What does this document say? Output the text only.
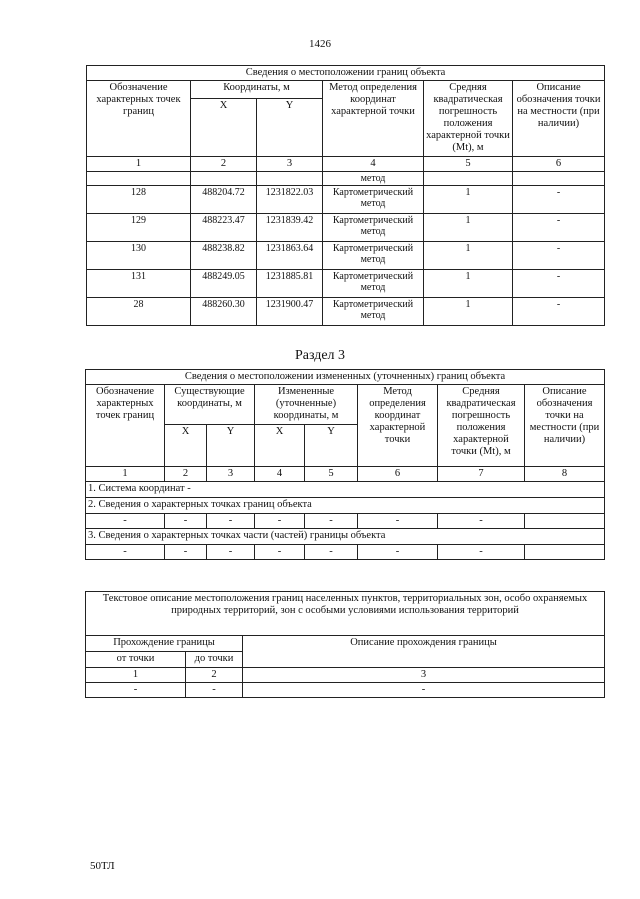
1426
Сведения о местоположении границ объекта					
Обозначение характерных точек границ	Координаты, м		Метод определения координат характерной точки	Средняя квадратическая погрешность положения характерной точки (Mt), м	Описание обозначения точки на местности (при наличии)
	X	Y			
1	2	3	4	5	6
			метод		
128	488204.72	1231822.03	Картометрический метод	1	-
129	488223.47	1231839.42	Картометрический метод	1	-
130	488238.82	1231863.64	Картометрический метод	1	-
131	488249.05	1231885.81	Картометрический метод	1	-
28	488260.30	1231900.47	Картометрический метод	1	-
Раздел 3
Сведения о местоположении измененных (уточненных) границ объекта							
Обозначение характерных точек границ	Существующие координаты, м		Измененные (уточненные) координаты, м		Метод определения координат характерной точки	Средняя квадратическая погрешность положения характерной точки (Mt), м	Описание обозначения точки на местности (при наличии)
	X	Y	X	Y			
1	2	3	4	5	6	7	8
1. Система координат -							
2. Сведения о характерных точках границ объекта							
-	-	-	-	-	-	-	
3. Сведения о характерных точках части (частей) границы объекта							
-	-	-	-	-	-	-	
Текстовое описание местоположения границ населенных пунктов, территориальных зон, особо охраняемых природных территорий, зон с особыми условиями использования территорий		
Прохождение границы		Описание прохождения границы
от точки	до точки	
1	2	3
-	-	-
50ТЛ
